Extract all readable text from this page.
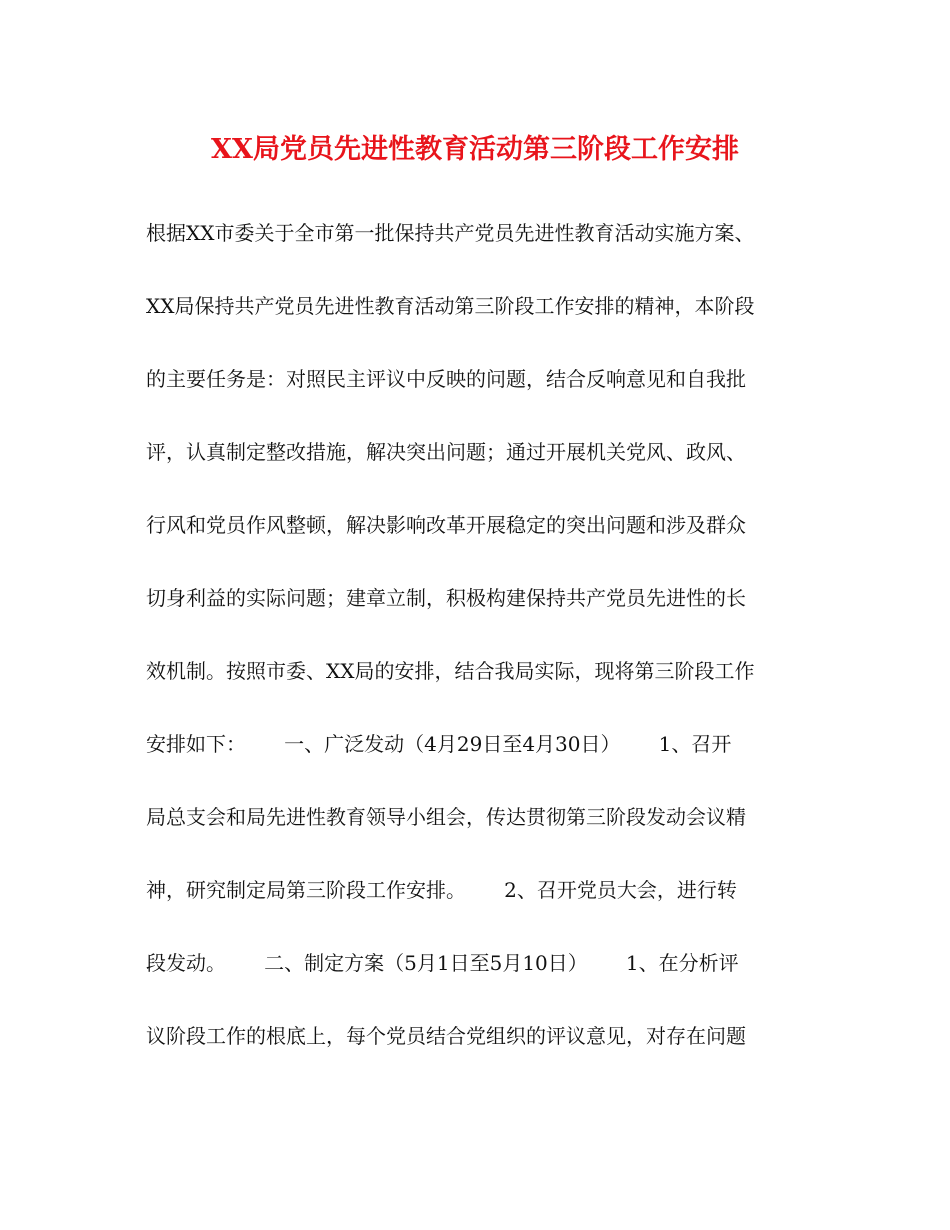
XX局党员先进性教育活动第三阶段工作安排
根据XX市委关于全市第一批保持共产党员先进性教育活动实施方案、
XX局保持共产党员先进性教育活动第三阶段工作安排的精神，本阶段
的主要任务是：对照民主评议中反映的问题，结合反响意见和自我批
评，认真制定整改措施，解决突出问题；通过开展机关党风、政风、
行风和党员作风整顿，解决影响改革开展稳定的突出问题和涉及群众
切身利益的实际问题；建章立制，积极构建保持共产党员先进性的长
效机制。按照市委、XX局的安排，结合我局实际，现将第三阶段工作
安排如下：      一、广泛发动（4月29日至4月30日）      1、召开
局总支会和局先进性教育领导小组会，传达贯彻第三阶段发动会议精
神，研究制定局第三阶段工作安排。      2、召开党员大会，进行转
段发动。      二、制定方案（5月1日至5月10日）      1、在分析评
议阶段工作的根底上，每个党员结合党组织的评议意见，对存在问题
